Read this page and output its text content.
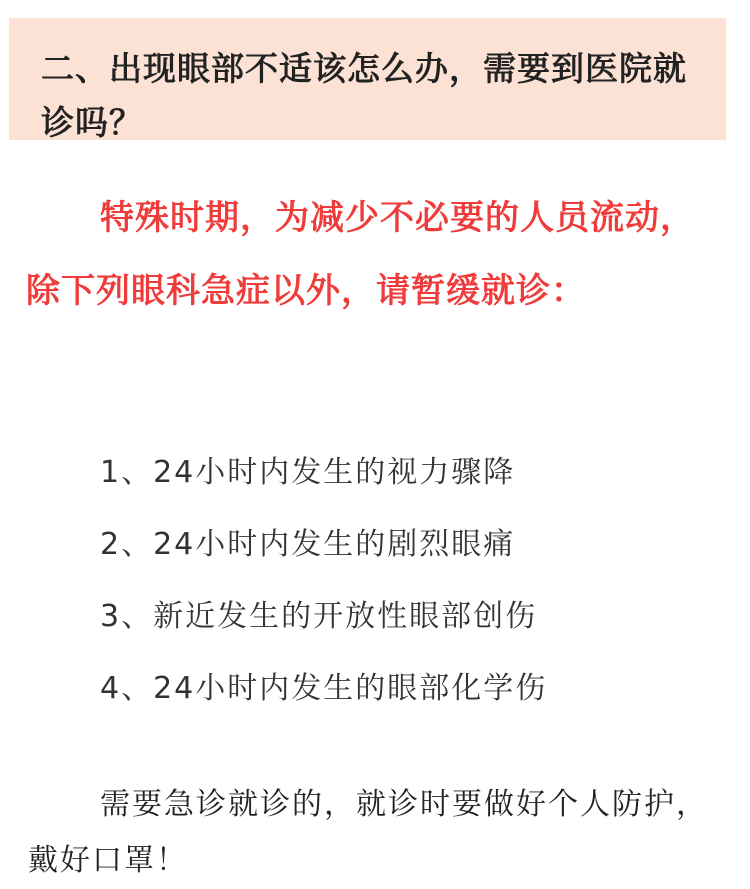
二、出现眼部不适该怎么办，需要到医院就诊吗？

特殊时期，为减少不必要的人员流动，除下列眼科急症以外，请暂缓就诊：

1、24小时内发生的视力骤降
2、24小时内发生的剧烈眼痛
3、新近发生的开放性眼部创伤
4、24小时内发生的眼部化学伤

需要急诊就诊的，就诊时要做好个人防护，戴好口罩！
